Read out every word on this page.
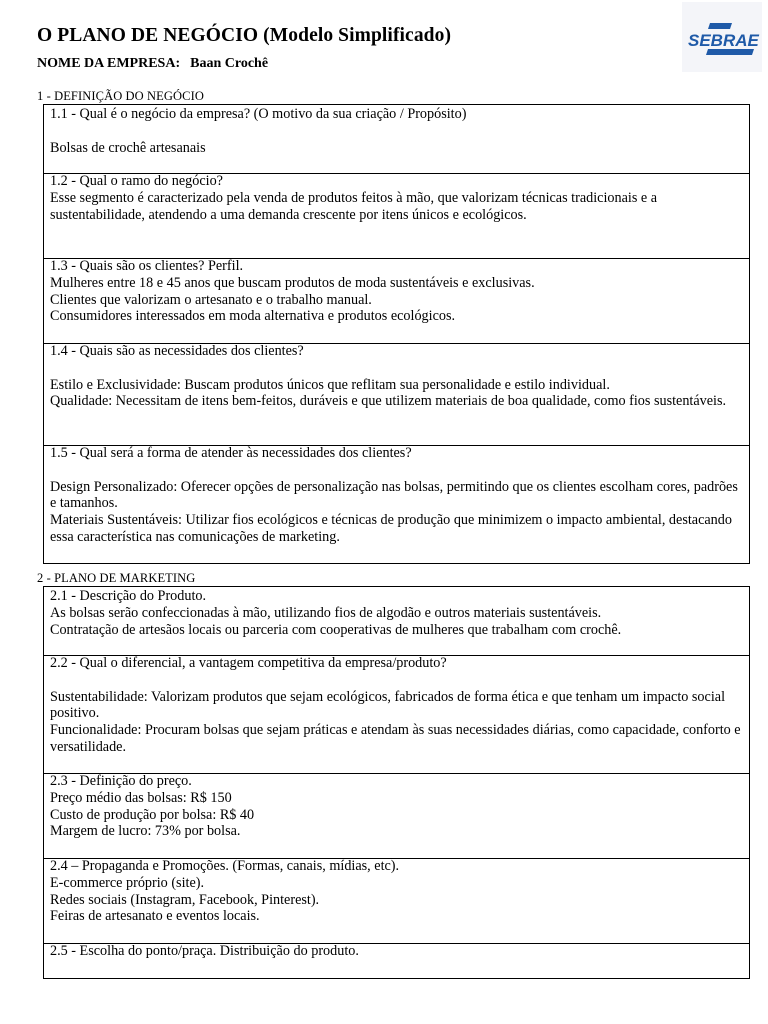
O PLANO DE NEGÓCIO (Modelo Simplificado)
NOME DA EMPRESA: Baan Crochê
SEBRAE
1 - DEFINIÇÃO DO NEGÓCIO
1.1 - Qual é o negócio da empresa? (O motivo da sua criação / Propósito)
Bolsas de crochê artesanais
1.2 - Qual o ramo do negócio?
Esse segmento é caracterizado pela venda de produtos feitos à mão, que valorizam técnicas tradicionais e a sustentabilidade, atendendo a uma demanda crescente por itens únicos e ecológicos.
1.3 - Quais são os clientes? Perfil.
Mulheres entre 18 e 45 anos que buscam produtos de moda sustentáveis e exclusivas.
Clientes que valorizam o artesanato e o trabalho manual.
Consumidores interessados em moda alternativa e produtos ecológicos.
1.4 - Quais são as necessidades dos clientes?
Estilo e Exclusividade: Buscam produtos únicos que reflitam sua personalidade e estilo individual.
Qualidade: Necessitam de itens bem-feitos, duráveis e que utilizem materiais de boa qualidade, como fios sustentáveis.
1.5 - Qual será a forma de atender às necessidades dos clientes?
Design Personalizado: Oferecer opções de personalização nas bolsas, permitindo que os clientes escolham cores, padrões e tamanhos.
Materiais Sustentáveis: Utilizar fios ecológicos e técnicas de produção que minimizem o impacto ambiental, destacando essa característica nas comunicações de marketing.
2 - PLANO DE MARKETING
2.1 - Descrição do Produto.
As bolsas serão confeccionadas à mão, utilizando fios de algodão e outros materiais sustentáveis.
Contratação de artesãos locais ou parceria com cooperativas de mulheres que trabalham com crochê.
2.2 - Qual o diferencial, a vantagem competitiva da empresa/produto?
Sustentabilidade: Valorizam produtos que sejam ecológicos, fabricados de forma ética e que tenham um impacto social positivo.
Funcionalidade: Procuram bolsas que sejam práticas e atendam às suas necessidades diárias, como capacidade, conforto e versatilidade.
2.3 - Definição do preço.
Preço médio das bolsas: R$ 150
Custo de produção por bolsa: R$ 40
Margem de lucro: 73% por bolsa.
2.4 – Propaganda e Promoções. (Formas, canais, mídias, etc).
E-commerce próprio (site).
Redes sociais (Instagram, Facebook, Pinterest).
Feiras de artesanato e eventos locais.
2.5 - Escolha do ponto/praça. Distribuição do produto.
